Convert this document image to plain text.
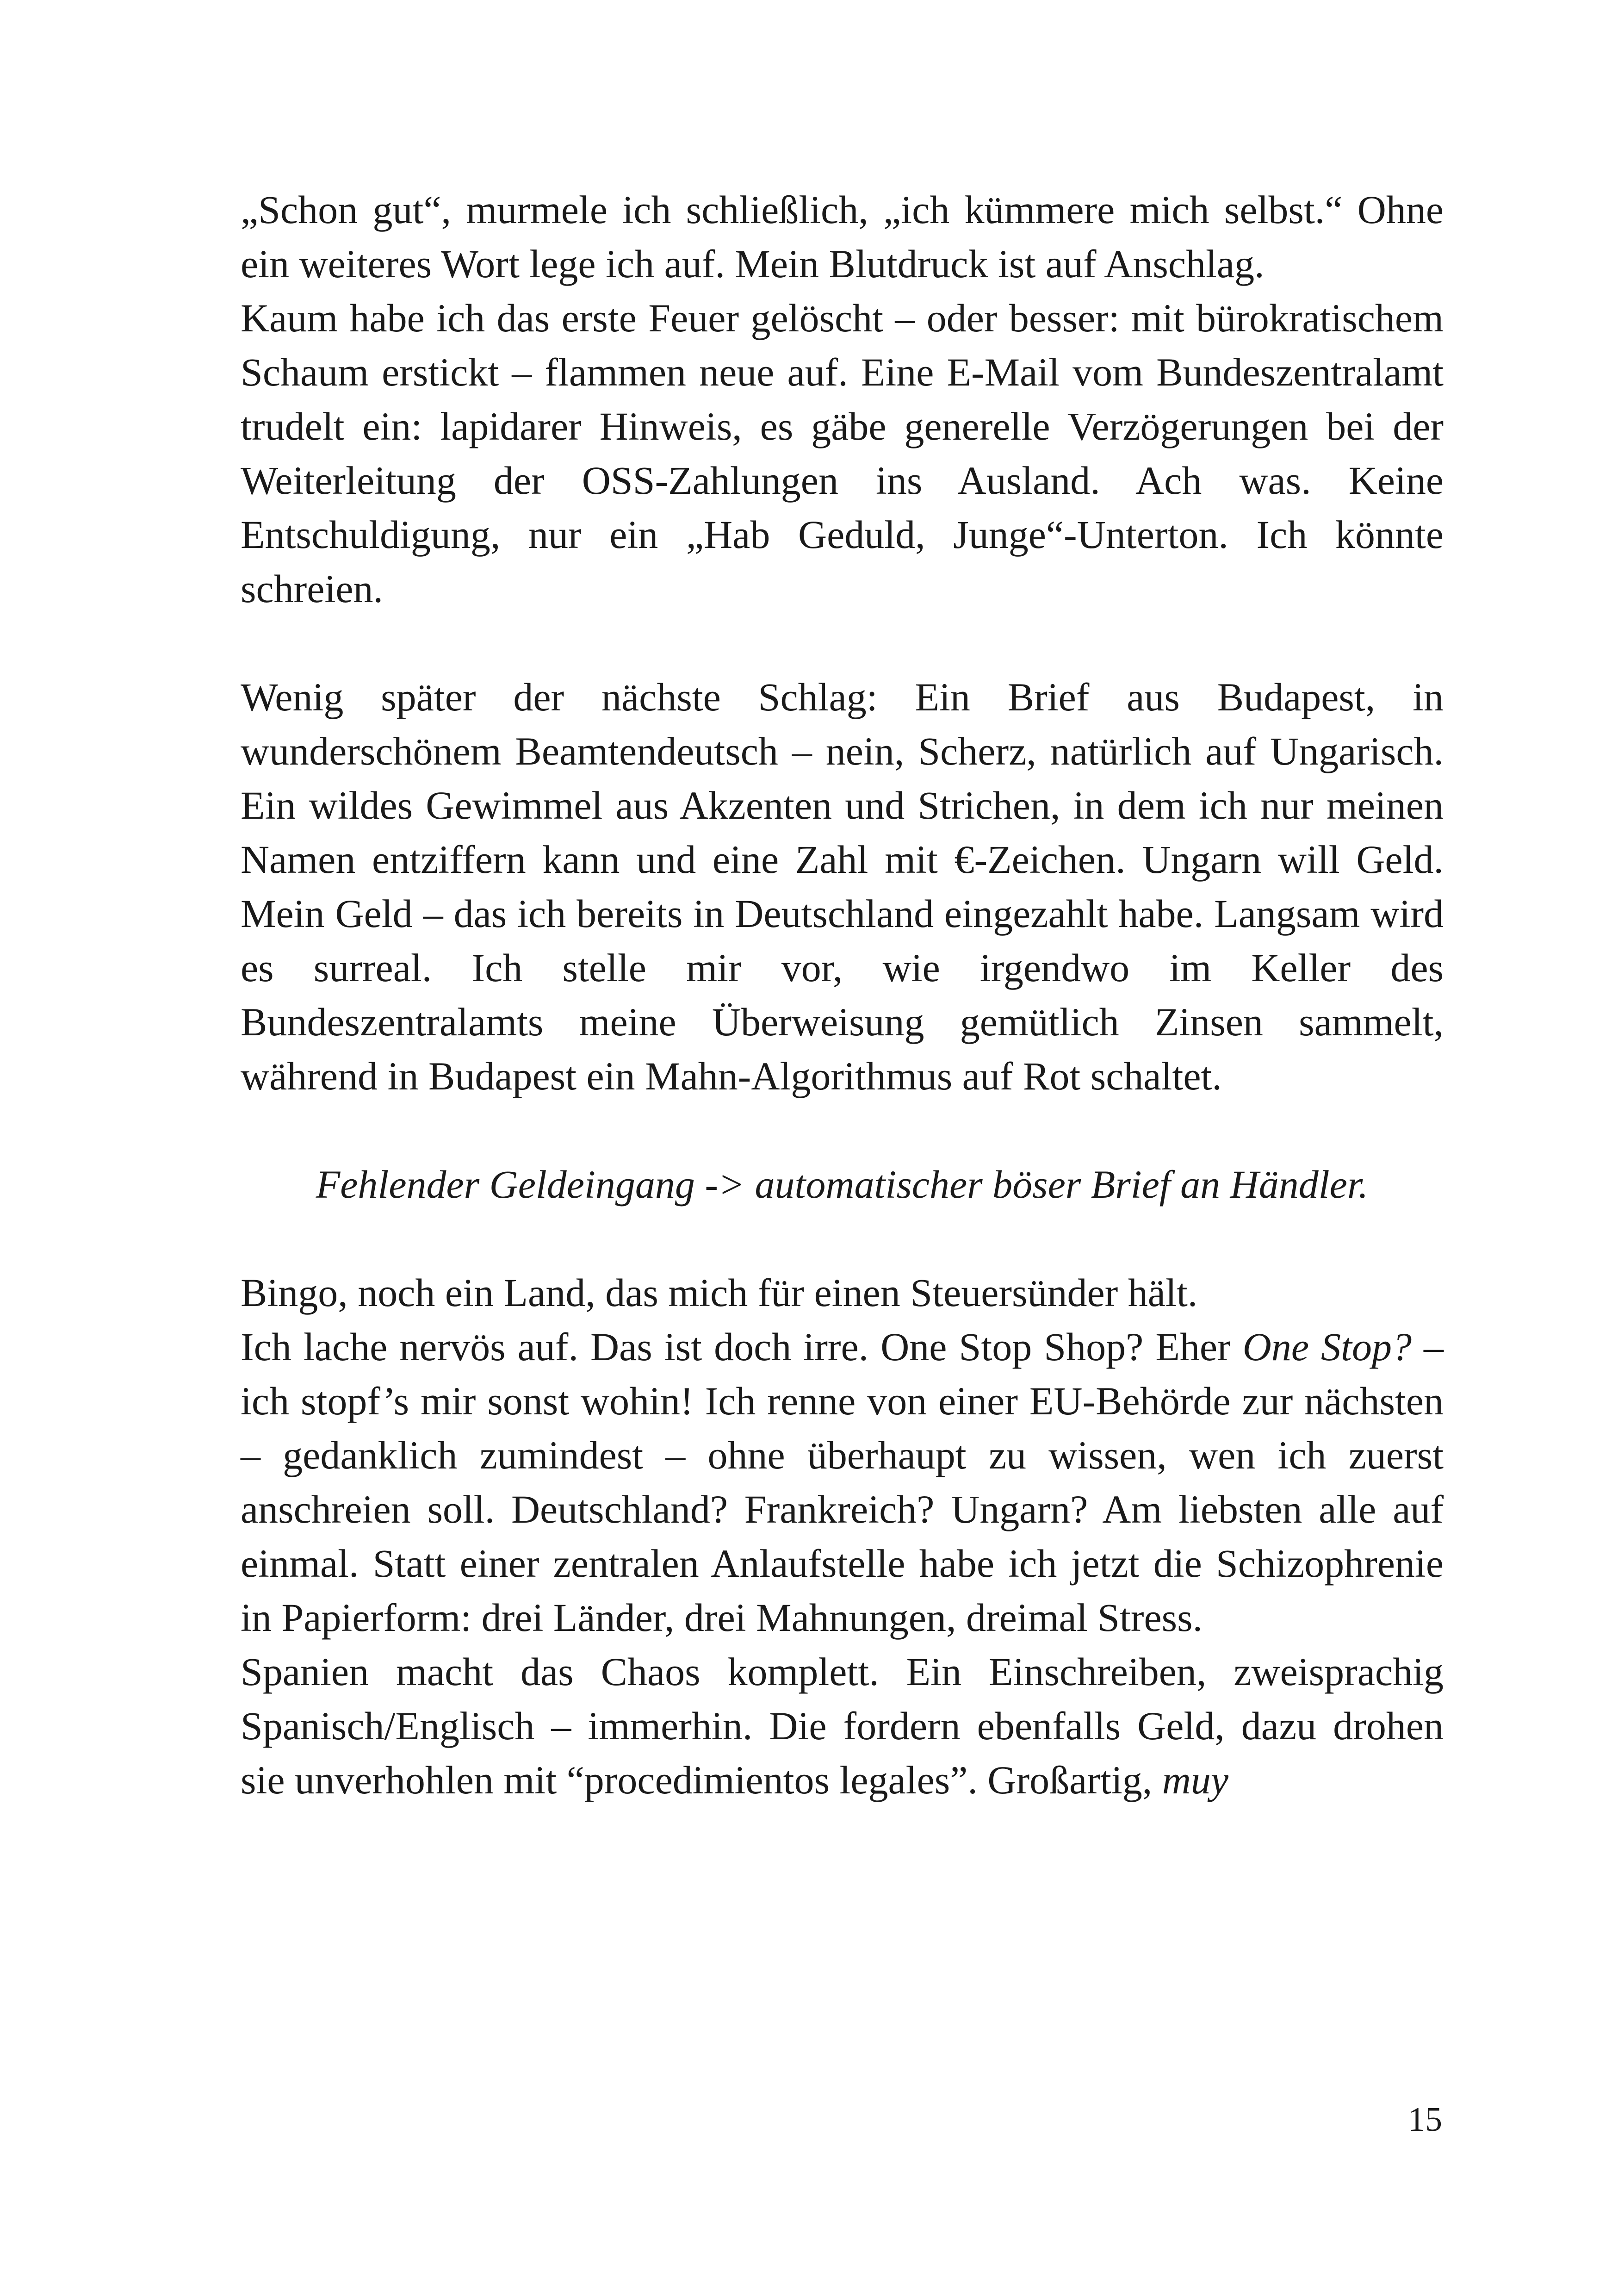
„Schon gut“, murmele ich schließlich, „ich kümmere mich selbst.“ Ohne ein weiteres Wort lege ich auf. Mein Blutdruck ist auf Anschlag.

Kaum habe ich das erste Feuer gelöscht – oder besser: mit bürokratischem Schaum erstickt – flammen neue auf. Eine E-Mail vom Bundeszentralamt trudelt ein: lapidarer Hinweis, es gäbe generelle Verzögerungen bei der Weiterleitung der OSS-Zahlungen ins Ausland. Ach was. Keine Entschuldigung, nur ein „Hab Geduld, Junge“-Unterton. Ich könnte schreien.

Wenig später der nächste Schlag: Ein Brief aus Budapest, in wunderschönem Beamtendeutsch – nein, Scherz, natürlich auf Ungarisch. Ein wildes Gewimmel aus Akzenten und Strichen, in dem ich nur meinen Namen entziffern kann und eine Zahl mit €-Zeichen. Ungarn will Geld. Mein Geld – das ich bereits in Deutschland eingezahlt habe. Langsam wird es surreal. Ich stelle mir vor, wie irgendwo im Keller des Bundeszentralamts meine Überweisung gemütlich Zinsen sammelt, während in Budapest ein Mahn-Algorithmus auf Rot schaltet.

Fehlender Geldeingang -> automatischer böser Brief an Händler.

Bingo, noch ein Land, das mich für einen Steuersünder hält.

Ich lache nervös auf. Das ist doch irre. One Stop Shop? Eher One Stop? – ich stopf’s mir sonst wohin! Ich renne von einer EU-Behörde zur nächsten – gedanklich zumindest – ohne überhaupt zu wissen, wen ich zuerst anschreien soll. Deutschland? Frankreich? Ungarn? Am liebsten alle auf einmal. Statt einer zentralen Anlaufstelle habe ich jetzt die Schizophrenie in Papierform: drei Länder, drei Mahnungen, dreimal Stress.

Spanien macht das Chaos komplett. Ein Einschreiben, zweisprachig Spanisch/Englisch – immerhin. Die fordern ebenfalls Geld, dazu drohen sie unverhohlen mit “procedimientos legales”. Großartig, muy

15
